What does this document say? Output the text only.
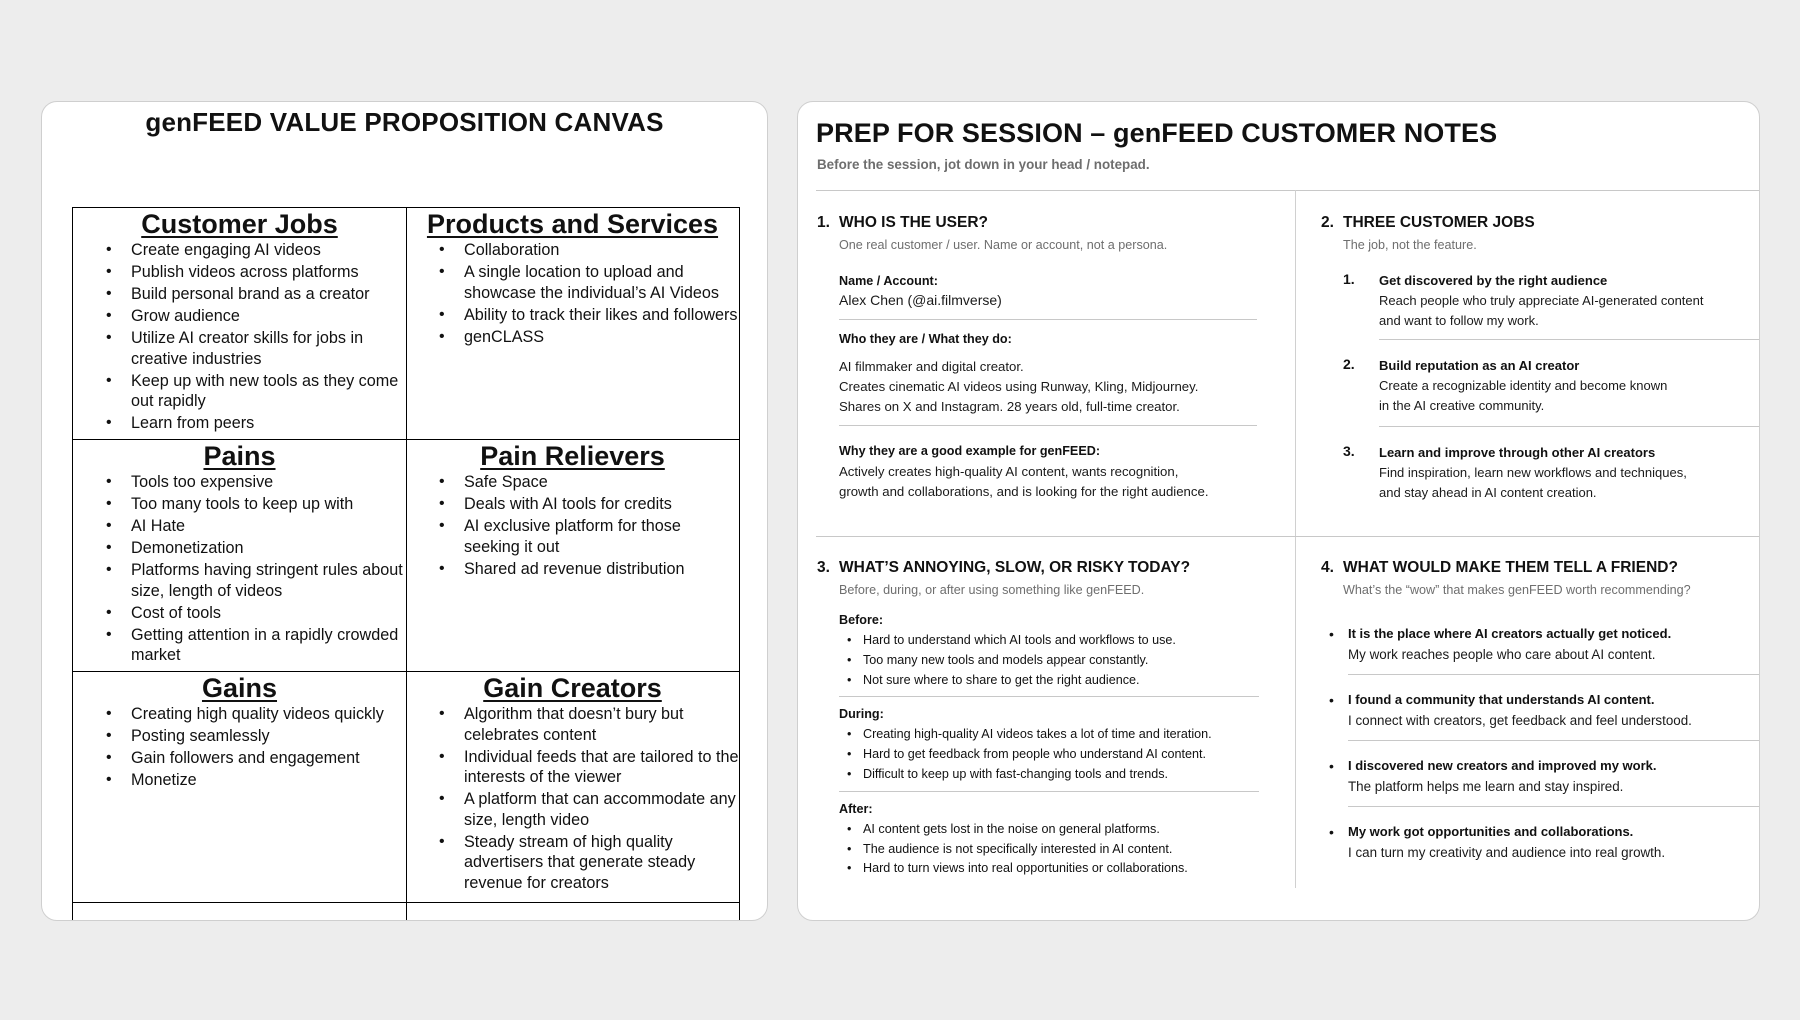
genFEED VALUE PROPOSITION CANVAS
Customer Jobs
• Create engaging AI videos
• Publish videos across platforms
• Build personal brand as a creator
• Grow audience
• Utilize AI creator skills for jobs in creative industries
• Keep up with new tools as they come out rapidly
• Learn from peers
Products and Services
• Collaboration
• A single location to upload and showcase the individual’s AI Videos
• Ability to track their likes and followers
• genCLASS
Pains
• Tools too expensive
• Too many tools to keep up with
• AI Hate
• Demonetization
• Platforms having stringent rules about size, length of videos
• Cost of tools
• Getting attention in a rapidly crowded market
Pain Relievers
• Safe Space
• Deals with AI tools for credits
• AI exclusive platform for those seeking it out
• Shared ad revenue distribution
Gains
• Creating high quality videos quickly
• Posting seamlessly
• Gain followers and engagement
• Monetize
Gain Creators
• Algorithm that doesn’t bury but celebrates content
• Individual feeds that are tailored to the interests of the viewer
• A platform that can accommodate any size, length video
• Steady stream of high quality advertisers that generate steady revenue for creators
PREP FOR SESSION – genFEED CUSTOMER NOTES
Before the session, jot down in your head / notepad.
1. WHO IS THE USER?
One real customer / user. Name or account, not a persona.
Name / Account:
Alex Chen (@ai.filmverse)
Who they are / What they do:
AI filmmaker and digital creator.
Creates cinematic AI videos using Runway, Kling, Midjourney.
Shares on X and Instagram. 28 years old, full-time creator.
Why they are a good example for genFEED:
Actively creates high-quality AI content, wants recognition,
growth and collaborations, and is looking for the right audience.
2. THREE CUSTOMER JOBS
The job, not the feature.
1.	Get discovered by the right audience
Reach people who truly appreciate AI-generated content
and want to follow my work.
2.	Build reputation as an AI creator
Create a recognizable identity and become known
in the AI creative community.
3.	Learn and improve through other AI creators
Find inspiration, learn new workflows and techniques,
and stay ahead in AI content creation.
3. WHAT’S ANNOYING, SLOW, OR RISKY TODAY?
Before, during, or after using something like genFEED.
Before:
• Hard to understand which AI tools and workflows to use.
• Too many new tools and models appear constantly.
• Not sure where to share to get the right audience.
During:
• Creating high-quality AI videos takes a lot of time and iteration.
• Hard to get feedback from people who understand AI content.
• Difficult to keep up with fast-changing tools and trends.
After:
• AI content gets lost in the noise on general platforms.
• The audience is not specifically interested in AI content.
• Hard to turn views into real opportunities or collaborations.
4. WHAT WOULD MAKE THEM TELL A FRIEND?
What’s the “wow” that makes genFEED worth recommending?
•	It is the place where AI creators actually get noticed.
My work reaches people who care about AI content.
•	I found a community that understands AI content.
I connect with creators, get feedback and feel understood.
•	I discovered new creators and improved my work.
The platform helps me learn and stay inspired.
•	My work got opportunities and collaborations.
I can turn my creativity and audience into real growth.
